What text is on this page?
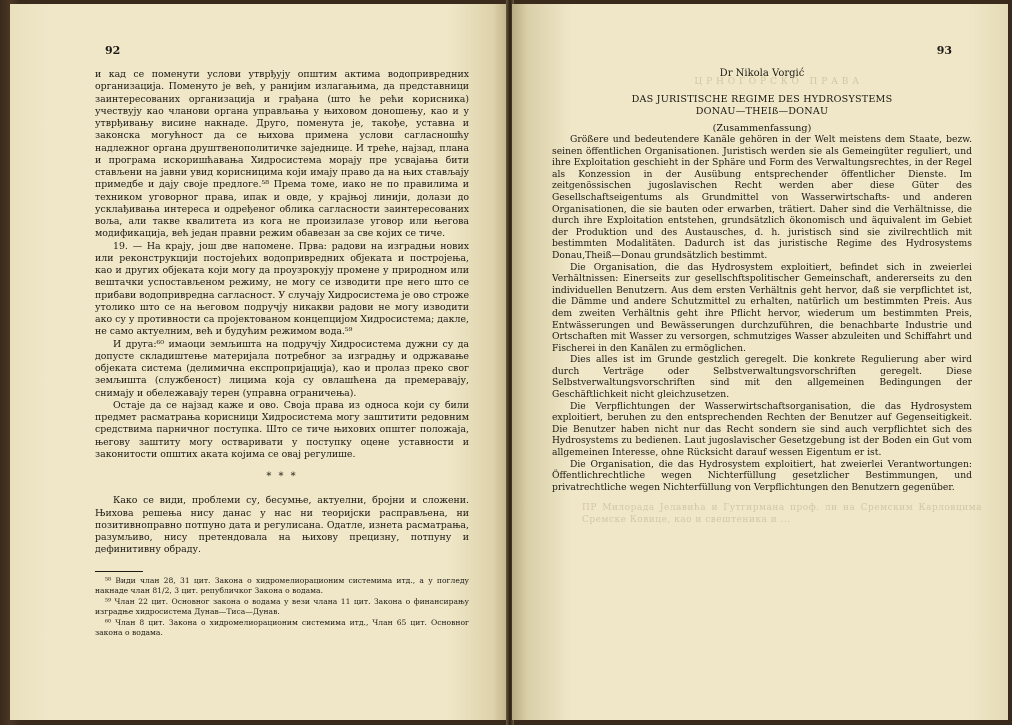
92	93
Ц Р Н О Г О Р С К О   П Р А В А
ПР Милорада Јелавића и Гутгирмана проф. ли на Сремским Карловцима Сремске Ковице, као и свештеника и ...
Dr Nikola Vorgić
DAS JURISTISCHE REGIME DES HYDROSYSTEMS
DONAU—THEIß—DONAU
(Zusammenfassung)

Größere und bedeutendere Kanäle gehören in der Welt meistens dem Staate, bezw. seinen öffentlichen Organisationen. Juristisch werden sie als Gemeingüter reguliert, und ihre Exploitation geschieht in der Sphäre und Form des Verwaltungsrechtes, in der Regel als Konzession in der Ausübung entsprechender öffentlicher Dienste. Im zeitgenössischen jugoslavischen Recht werden aber diese Güter des Gesellschaftseigentums als Grundmittel von Wasserwirtschafts- und anderen Organisationen, die sie bauten oder erwarben, trätiert. Daher sind die Verhältnisse, die durch ihre Exploitation entstehen, grundsätzlich ökonomisch und äquivalent im Gebiet der Produktion und des Austausches, d. h. juristisch sind sie zivilrechtlich mit bestimmten Modalitäten. Dadurch ist das juristische Regime des Hydrosystems Donau,Theiß—Donau grundsätzlich bestimmt.

Die Organisation, die das Hydrosystem exploitiert, befindet sich in zweierlei Verhältnissen: Einerseits zur gesellschftspolitischer Gemeinschaft, andererseits zu den individuellen Benutzern. Aus dem ersten Verhältnis geht hervor, daß sie verpflichtet ist, die Dämme und andere Schutzmittel zu erhalten, natürlich um bestimmten Preis. Aus dem zweiten Verhältnis geht ihre Pflicht hervor, wiederum um bestimmten Preis, Entwässerungen und Bewässerungen durchzuführen, die benachbarte Industrie und Ortschaften mit Wasser zu versorgen, schmutziges Wasser abzuleiten und Schiffahrt und Fischerei in den Kanälen zu ermöglichen.

Dies alles ist im Grunde gestzlich geregelt. Die konkrete Regulierung aber wird durch Verträge oder Selbstverwaltungsvorschriften geregelt. Diese Selbstverwaltungsvorschriften sind mit den allgemeinen Bedingungen der Geschäftlichkeit nicht gleichzusetzen.

Die Verpflichtungen der Wasserwirtschaftsorganisation, die das Hydrosystem exploitiert, beruhen zu den entsprechenden Rechten der Benutzer auf Gegenseitigkeit. Die Benutzer haben nicht nur das Recht sondern sie sind auch verpflichtet sich des Hydrosystems zu bedienen. Laut jugoslavischer Gesetzgebung ist der Boden ein Gut vom allgemeinen Interesse, ohne Rücksicht darauf wessen Eigentum er ist.

Die Organisation, die das Hydrosystem exploitiert, hat zweierlei Verantwortungen: Öffentlichrechtliche wegen Nichterfüllung gesetzlicher Bestimmungen, und privatrechtliche wegen Nichterfüllung von Verpflichtungen den Benutzern gegenüber.

и кад се поменути услови утврђују општим актима водопривредних организација. Поменуто је већ, у ранијим излагањима, да представници заинтересованих организација и грађана (што ће рећи корисника) учествују као чланови органа управљања у њиховом доношењу, као и у утврђивању висине накнаде. Друго, поменута је, такође, уставна и законска могућност да се њихова примена услови сагласношћу надлежног органа друштвенополитичке заједнице. И треће, најзад, плана и програма искоришћавања Хидросистема морају пре усвајања бити стављени на јавни увид корисницима који имају право да на њих стављају примедбе и дају своје предлоге.⁵⁸ Према томе, иако не по правилима и техником уговорног права, ипак и овде, у крајњој линији, долази до усклађивања интереса и одређеног облика сагласности заинтересованих воља, али такве квалитета из кога не произилазе уговор или његова модификација, већ један правни режим обавезан за све којих се тиче.

19. — На крају, још две напомене. Прва: радови на изградњи нових или реконструкцији постојећих водопривредних објеката и постројења, као и других објеката који могу да проузрокују промене у природном или вештачки успостављеном режиму, не могу се изводити пре него што се прибави водопривредна сагласност. У случају Хидросистема је ово строже утолико што се на његовом подручју никакви радови не могу изводити ако су у противности са пројектованом концепцијом Хидросистема; дакле, не само актуелним, већ и будућим режимом вода.⁵⁹

И друга:⁶⁰ имаоци земљишта на подручју Хидросистема дужни су да допусте складиштење материјала потребног за изградњу и одржавање објеката система (делимична експропријација), као и пролаз преко свог земљишта (службеност) лицима која су овлашћена да премеравају, снимају и обележавају терен (управна ограничења).

Остаје да се најзад каже и ово. Своја права из односа који су били предмет расматрања корисници Хидросистема могу заштитити редовним средствима парничног поступка. Што се тиче њихових општег положаја, његову заштиту могу остваривати у поступку оцене уставности и законитости општих аката којима се овај регулише.

* * *

Како се види, проблеми су, бесумње, актуелни, бројни и сложени. Њихова решења нису данас у нас ни теоријски расправљена, ни позитивноправно потпуно дата и регулисана. Одатле, изнета расматрања, разумљиво, нису претендовала на њихову прецизну, потпуну и дефинитивну обраду.

⁵⁸ Види члан 28, 31 цит. Закона о хидромелиорационим системима итд., а у погледу накнаде члан 81/2, 3 цит. републичког Закона о водама.

⁵⁹ Члан 22 цит. Основног закона о водама у вези члана 11 цит. Закона о финансирању изградње хидросистема Дунав—Тиса—Дунав.

⁶⁰ Члан 8 цит. Закона о хидромелиорационим системима итд., Члан 65 цит. Основног закона о водама.
